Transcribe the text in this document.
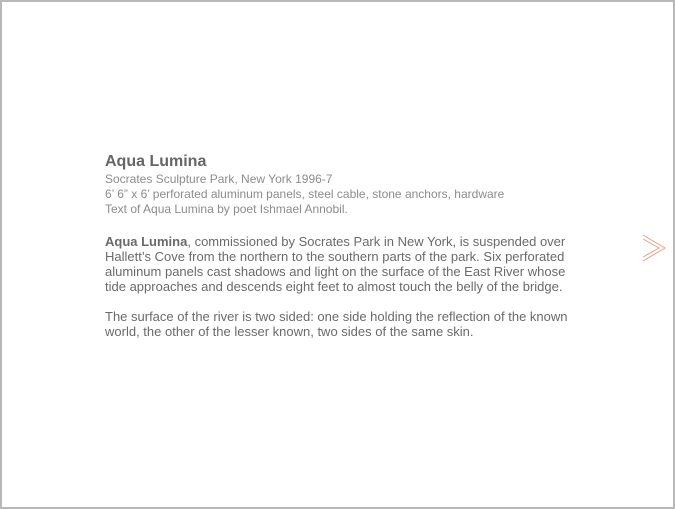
Aqua Lumina

Socrates Sculpture Park, New York 1996-7

6’ 6” x 6’ perforated aluminum panels, steel cable, stone anchors, hardware

Text of Aqua Lumina by poet Ishmael Annobil.

Aqua Lumina, commissioned by Socrates Park in New York, is suspended over Hallett’s Cove from the northern to the southern parts of the park. Six perforated aluminum panels cast shadows and light on the surface of the East River whose tide approaches and descends eight feet to almost touch the belly of the bridge.

The surface of the river is two sided: one side holding the reflection of the known world, the other of the lesser known, two sides of the same skin.
